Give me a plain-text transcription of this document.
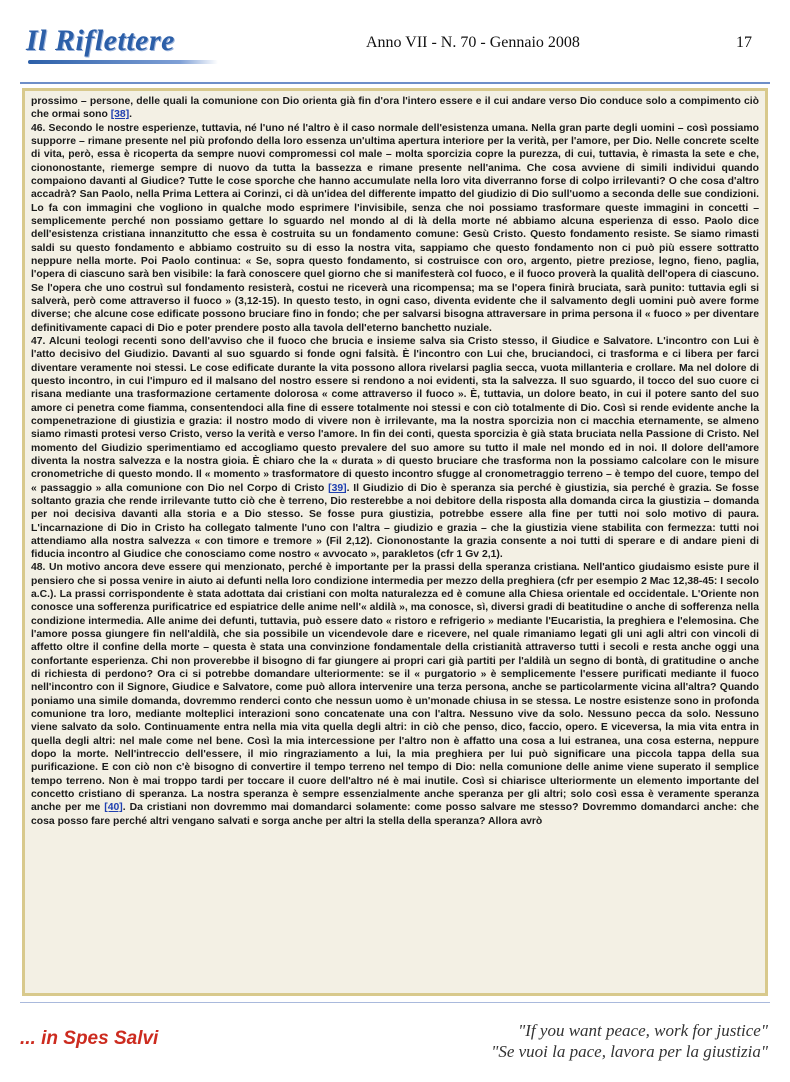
Il Riflettere	Anno VII - N. 70 - Gennaio 2008	17

prossimo – persone, delle quali la comunione con Dio orienta già fin d'ora l'intero essere e il cui andare verso Dio conduce solo a compimento ciò che ormai sono [38].

46. Secondo le nostre esperienze, tuttavia, né l'uno né l'altro è il caso normale dell'esistenza umana. Nella gran parte degli uomini – così possiamo supporre – rimane presente nel più profondo della loro essenza un'ultima apertura interiore per la verità, per l'amore, per Dio. Nelle concrete scelte di vita, però, essa è ricoperta da sempre nuovi compromessi col male – molta sporcizia copre la purezza, di cui, tuttavia, è rimasta la sete e che, ciononostante, riemerge sempre di nuovo da tutta la bassezza e rimane presente nell'anima. Che cosa avviene di simili individui quando compaiono davanti al Giudice? Tutte le cose sporche che hanno accumulate nella loro vita diverranno forse di colpo irrilevanti? O che cosa d'altro accadrà? San Paolo, nella Prima Lettera ai Corinzi, ci dà un'idea del differente impatto del giudizio di Dio sull'uomo a seconda delle sue condizioni. Lo fa con immagini che vogliono in qualche modo esprimere l'invisibile, senza che noi possiamo trasformare queste immagini in concetti – semplicemente perché non possiamo gettare lo sguardo nel mondo al di là della morte né abbiamo alcuna esperienza di esso. Paolo dice dell'esistenza cristiana innanzitutto che essa è costruita su un fondamento comune: Gesù Cristo. Questo fondamento resiste. Se siamo rimasti saldi su questo fondamento e abbiamo costruito su di esso la nostra vita, sappiamo che questo fondamento non ci può più essere sottratto neppure nella morte. Poi Paolo continua: « Se, sopra questo fondamento, si costruisce con oro, argento, pietre preziose, legno, fieno, paglia, l'opera di ciascuno sarà ben visibile: la farà conoscere quel giorno che si manifesterà col fuoco, e il fuoco proverà la qualità dell'opera di ciascuno. Se l'opera che uno costruì sul fondamento resisterà, costui ne riceverà una ricompensa; ma se l'opera finirà bruciata, sarà punito: tuttavia egli si salverà, però come attraverso il fuoco » (3,12-15). In questo testo, in ogni caso, diventa evidente che il salvamento degli uomini può avere forme diverse; che alcune cose edificate possono bruciare fino in fondo; che per salvarsi bisogna attraversare in prima persona il « fuoco » per diventare definitivamente capaci di Dio e poter prendere posto alla tavola dell'eterno banchetto nuziale.

47. Alcuni teologi recenti sono dell'avviso che il fuoco che brucia e insieme salva sia Cristo stesso, il Giudice e Salvatore. L'incontro con Lui è l'atto decisivo del Giudizio. Davanti al suo sguardo si fonde ogni falsità. È l'incontro con Lui che, bruciandoci, ci trasforma e ci libera per farci diventare veramente noi stessi. Le cose edificate durante la vita possono allora rivelarsi paglia secca, vuota millanteria e crollare. Ma nel dolore di questo incontro, in cui l'impuro ed il malsano del nostro essere si rendono a noi evidenti, sta la salvezza. Il suo sguardo, il tocco del suo cuore ci risana mediante una trasformazione certamente dolorosa « come attraverso il fuoco ». È, tuttavia, un dolore beato, in cui il potere santo del suo amore ci penetra come fiamma, consentendoci alla fine di essere totalmente noi stessi e con ciò totalmente di Dio. Così si rende evidente anche la compenetrazione di giustizia e grazia: il nostro modo di vivere non è irrilevante, ma la nostra sporcizia non ci macchia eternamente, se almeno siamo rimasti protesi verso Cristo, verso la verità e verso l'amore. In fin dei conti, questa sporcizia è già stata bruciata nella Passione di Cristo. Nel momento del Giudizio sperimentiamo ed accogliamo questo prevalere del suo amore su tutto il male nel mondo ed in noi. Il dolore dell'amore diventa la nostra salvezza e la nostra gioia. È chiaro che la « durata » di questo bruciare che trasforma non la possiamo calcolare con le misure cronometriche di questo mondo. Il « momento » trasformatore di questo incontro sfugge al cronometraggio terreno – è tempo del cuore, tempo del « passaggio » alla comunione con Dio nel Corpo di Cristo [39]. Il Giudizio di Dio è speranza sia perché è giustizia, sia perché è grazia. Se fosse soltanto grazia che rende irrilevante tutto ciò che è terreno, Dio resterebbe a noi debitore della risposta alla domanda circa la giustizia – domanda per noi decisiva davanti alla storia e a Dio stesso. Se fosse pura giustizia, potrebbe essere alla fine per tutti noi solo motivo di paura. L'incarnazione di Dio in Cristo ha collegato talmente l'uno con l'altra – giudizio e grazia – che la giustizia viene stabilita con fermezza: tutti noi attendiamo alla nostra salvezza « con timore e tremore » (Fil 2,12). Ciononostante la grazia consente a noi tutti di sperare e di andare pieni di fiducia incontro al Giudice che conosciamo come nostro « avvocato », parakletos (cfr 1 Gv 2,1).

48. Un motivo ancora deve essere qui menzionato, perché è importante per la prassi della speranza cristiana. Nell'antico giudaismo esiste pure il pensiero che si possa venire in aiuto ai defunti nella loro condizione intermedia per mezzo della preghiera (cfr per esempio 2 Mac 12,38-45: I secolo a.C.). La prassi corrispondente è stata adottata dai cristiani con molta naturalezza ed è comune alla Chiesa orientale ed occidentale. L'Oriente non conosce una sofferenza purificatrice ed espiatrice delle anime nell'« aldilà », ma conosce, sì, diversi gradi di beatitudine o anche di sofferenza nella condizione intermedia. Alle anime dei defunti, tuttavia, può essere dato « ristoro e refrigerio » mediante l'Eucaristia, la preghiera e l'elemosina. Che l'amore possa giungere fin nell'aldilà, che sia possibile un vicendevole dare e ricevere, nel quale rimaniamo legati gli uni agli altri con vincoli di affetto oltre il confine della morte – questa è stata una convinzione fondamentale della cristianità attraverso tutti i secoli e resta anche oggi una confortante esperienza. Chi non proverebbe il bisogno di far giungere ai propri cari già partiti per l'aldilà un segno di bontà, di gratitudine o anche di richiesta di perdono? Ora ci si potrebbe domandare ulteriormente: se il « purgatorio » è semplicemente l'essere purificati mediante il fuoco nell'incontro con il Signore, Giudice e Salvatore, come può allora intervenire una terza persona, anche se particolarmente vicina all'altra? Quando poniamo una simile domanda, dovremmo renderci conto che nessun uomo è un'monade chiusa in se stessa. Le nostre esistenze sono in profonda comunione tra loro, mediante molteplici interazioni sono concatenate una con l'altra. Nessuno vive da solo. Nessuno pecca da solo. Nessuno viene salvato da solo. Continuamente entra nella mia vita quella degli altri: in ciò che penso, dico, faccio, opero. E viceversa, la mia vita entra in quella degli altri: nel male come nel bene. Così la mia intercessione per l'altro non è affatto una cosa a lui estranea, una cosa esterna, neppure dopo la morte. Nell'intreccio dell'essere, il mio ringraziamento a lui, la mia preghiera per lui può significare una piccola tappa della sua purificazione. E con ciò non c'è bisogno di convertire il tempo terreno nel tempo di Dio: nella comunione delle anime viene superato il semplice tempo terreno. Non è mai troppo tardi per toccare il cuore dell'altro né è mai inutile. Così si chiarisce ulteriormente un elemento importante del concetto cristiano di speranza. La nostra speranza è sempre essenzialmente anche speranza per gli altri; solo così essa è veramente speranza anche per me [40]. Da cristiani non dovremmo mai domandarci solamente: come posso salvare me stesso? Dovremmo domandarci anche: che cosa posso fare perché altri vengano salvati e sorga anche per altri la stella della speranza? Allora avrò

... in Spes Salvi	"If you want peace, work for justice"
"Se vuoi la pace, lavora per la giustizia"
